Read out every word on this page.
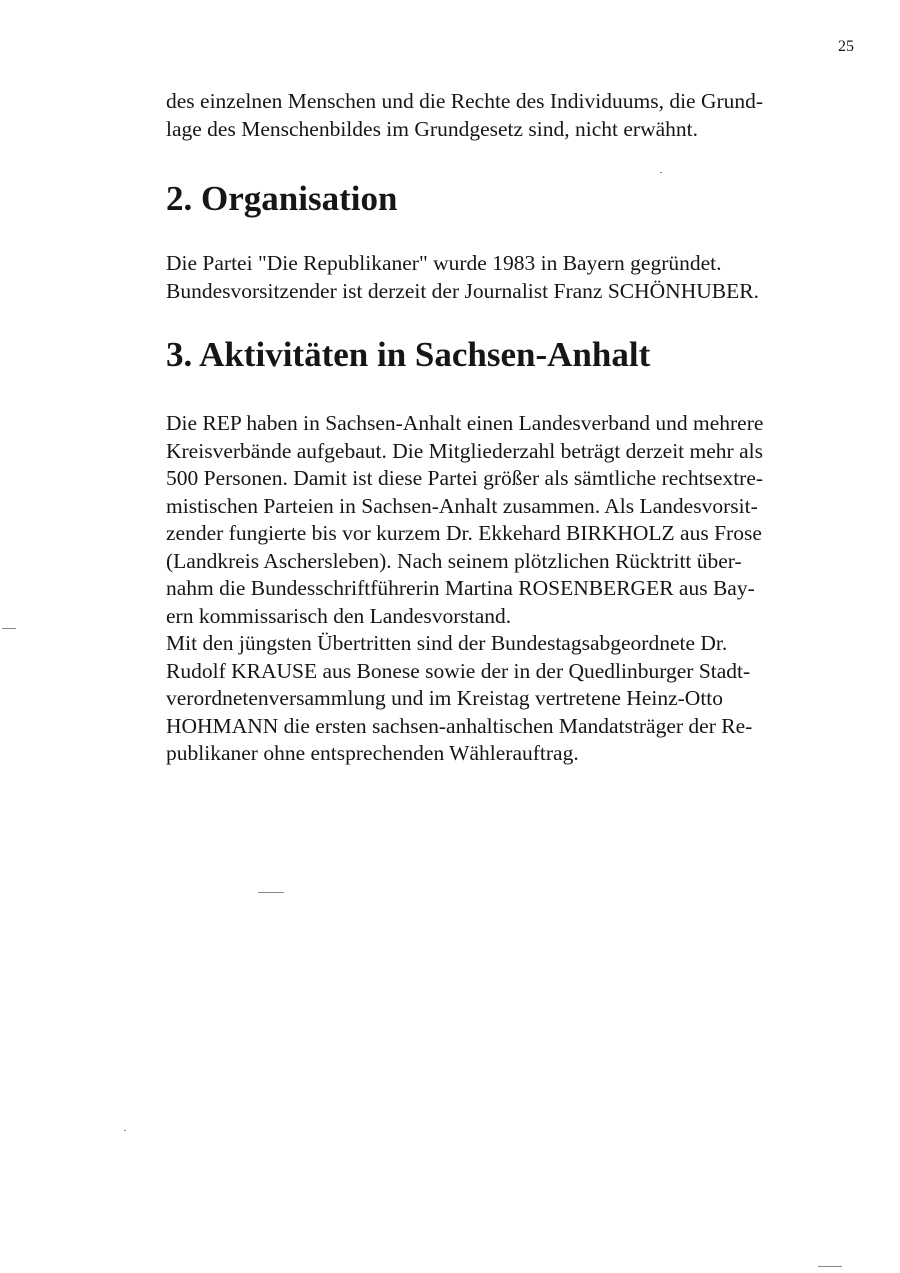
25

des einzelnen Menschen und die Rechte des Individuums, die Grund-
lage des Menschenbildes im Grundgesetz sind, nicht erwähnt.

2. Organisation

Die Partei "Die Republikaner" wurde 1983 in Bayern gegründet.
Bundesvorsitzender ist derzeit der Journalist Franz SCHÖNHUBER.

3. Aktivitäten in Sachsen-Anhalt

Die REP haben in Sachsen-Anhalt einen Landesverband und mehrere
Kreisverbände aufgebaut. Die Mitgliederzahl beträgt derzeit mehr als
500 Personen. Damit ist diese Partei größer als sämtliche rechtsextre-
mistischen Parteien in Sachsen-Anhalt zusammen. Als Landesvorsit-
zender fungierte bis vor kurzem Dr. Ekkehard BIRKHOLZ aus Frose
(Landkreis Aschersleben). Nach seinem plötzlichen Rücktritt über-
nahm die Bundesschriftführerin Martina ROSENBERGER aus Bay-
ern kommissarisch den Landesvorstand.

Mit den jüngsten Übertritten sind der Bundestagsabgeordnete Dr.
Rudolf KRAUSE aus Bonese sowie der in der Quedlinburger Stadt-
verordnetenversammlung und im Kreistag vertretene Heinz-Otto
HOHMANN die ersten sachsen-anhaltischen Mandatsträger der Re-
publikaner ohne entsprechenden Wählerauftrag.
